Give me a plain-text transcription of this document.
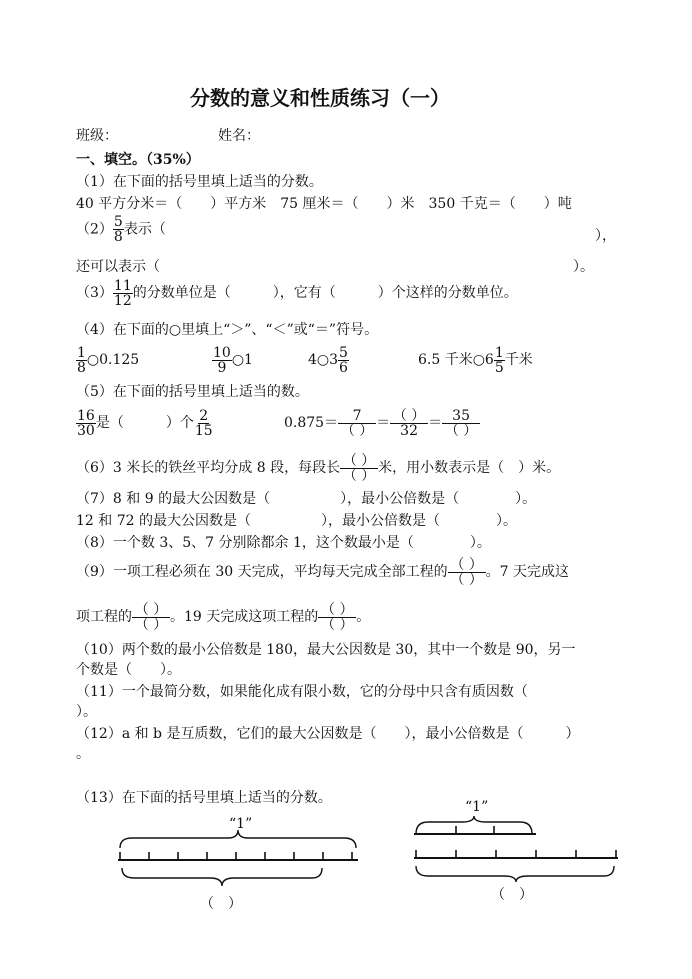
分数的意义和性质练习（一）
班级：	姓名：
一、填空。（35%）
（1）在下面的括号里填上适当的分数。
40 平方分米＝（　　）平方米　75 厘米＝（　　）米　350 千克＝（　　）吨
$(2) \frac{5}{8}$ 表示（	），
还可以表示（	）。
$(3) \frac{11}{12}$ 的分数单位是（　　　），它有（　　　）个这样的分数单位。
（4）在下面的○里填上“＞”、“＜”或“＝”符号。
$\frac{1}{8}$ ○0.125	$\frac{10}{9}$ ○1	4○3 $\frac{5}{6}$	6.5 千米○6 $\frac{1}{5}$ 千米
（5）在下面的括号里填上适当的数。
$\frac{16}{30}$ 是（　　　）个 $\frac{2}{15}$	$0.875= \frac{7}{( )} = \frac{( )}{32} = \frac{35}{( )}$
（6）3 米长的铁丝平均分成 8 段，每段长 $\frac{( )}{( )}$ 米，用小数表示是（　）米。
（7）8 和 9 的最大公因数是（　　　　　），最小公倍数是（　　　　）。
12 和 72 的最大公因数是（　　　　　），最小公倍数是（　　　　）。
（8）一个数 3、5、7 分别除都余 1，这个数最小是（　　　　）。
（9）一项工程必须在 30 天完成，平均每天完成全部工程的 $\frac{( )}{( )}$ 。7 天完成这
项工程的 $\frac{( )}{( )}$ 。19 天完成这项工程的 $\frac{( )}{( )}$ 。
（10）两个数的最小公倍数是 180，最大公因数是 30，其中一个数是 90，另一
个数是（　　）。
（11）一个最简分数，如果能化成有限小数，它的分母中只含有质因数（
）。
（12）a 和 b 是互质数，它们的最大公因数是（　　），最小公倍数是（　　　）
。
（13）在下面的括号里填上适当的分数。
“1”
“1”
（　）
（　）
